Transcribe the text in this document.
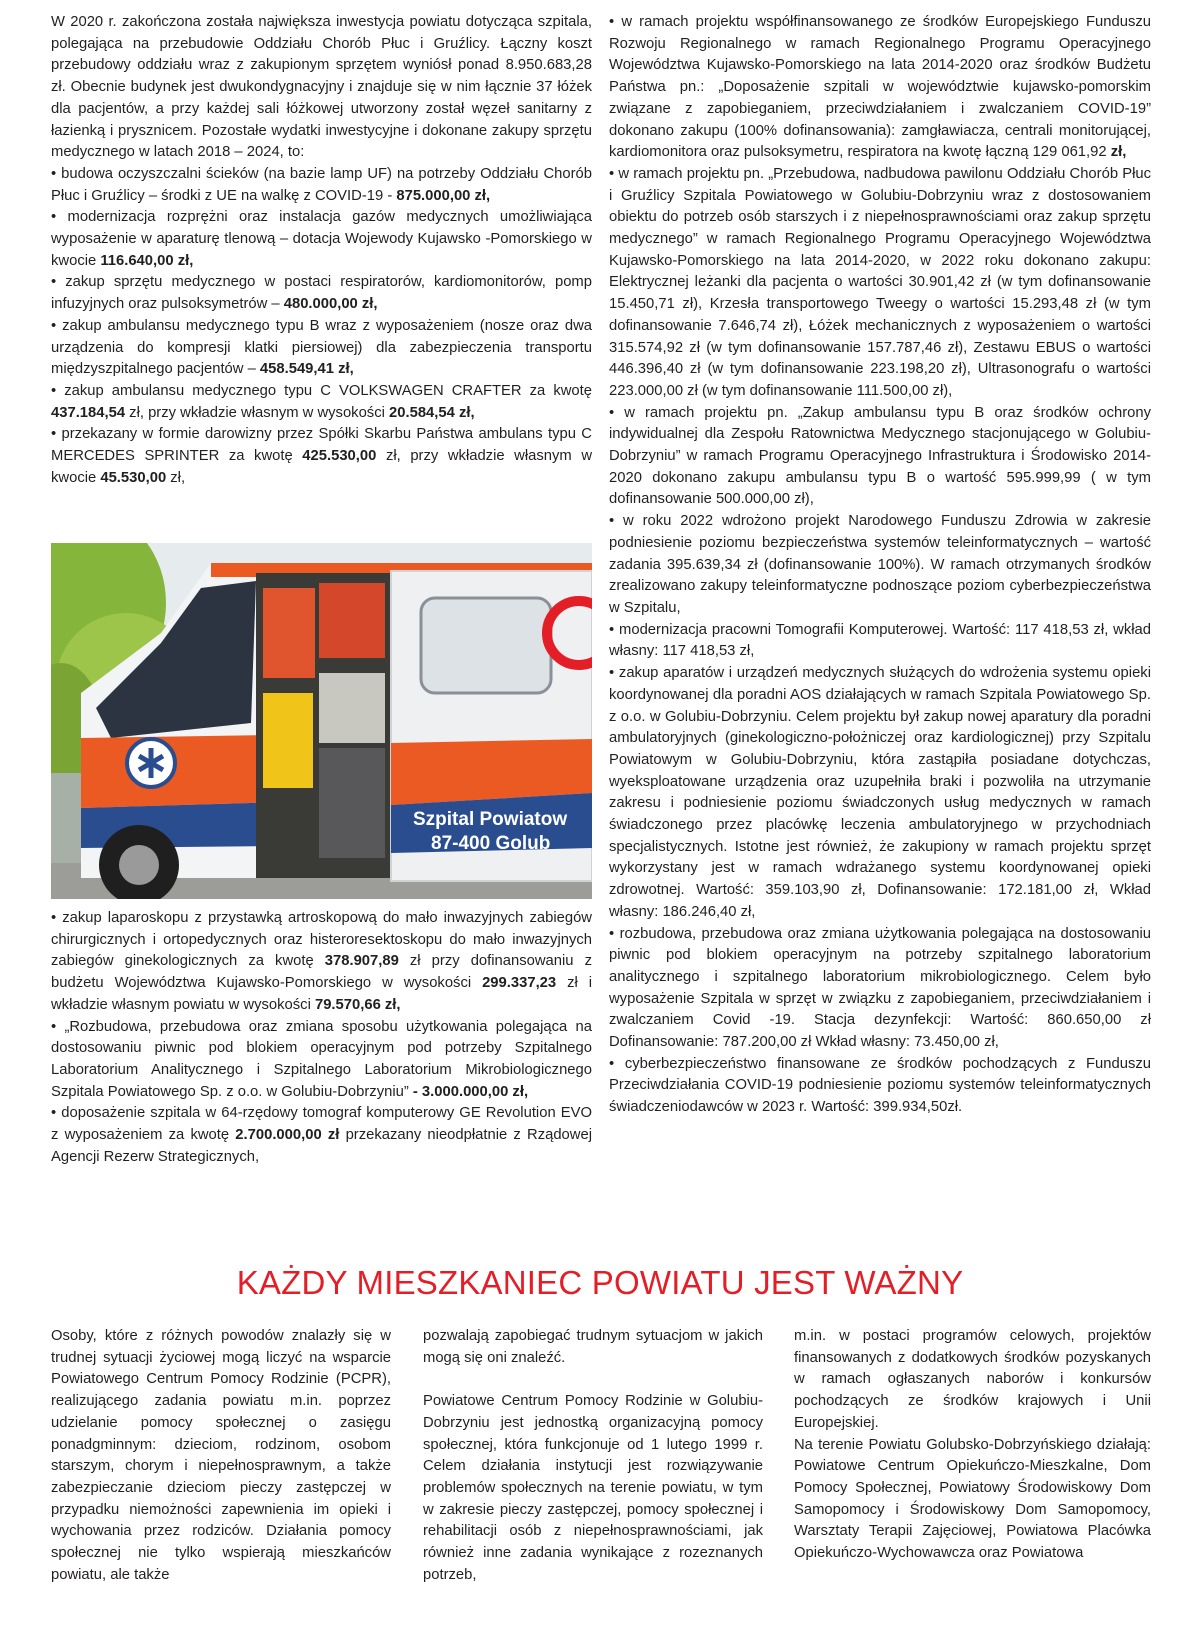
W 2020 r. zakończona została największa inwestycja powiatu dotycząca szpitala, polegająca na przebudowie Oddziału Chorób Płuc i Gruźlicy. Łączny koszt przebudowy oddziału wraz z zakupionym sprzętem wyniósł ponad 8.950.683,28 zł. Obecnie budynek jest dwukondygnacyjny i znajduje się w nim łącznie 37 łóżek dla pacjentów, a przy każdej sali łóżkowej utworzony został węzeł sanitarny z łazienką i prysznicem. Pozostałe wydatki inwestycyjne i dokonane zakupy sprzętu medycznego w latach 2018 – 2024, to:

• budowa oczyszczalni ścieków (na bazie lamp UF) na potrzeby Oddziału Chorób Płuc i Gruźlicy – środki z UE na walkę z COVID-19 - 875.000,00 zł,

• modernizacja rozprężni oraz instalacja gazów medycznych umożliwiająca wyposażenie w aparaturę tlenową – dotacja Wojewody Kujawsko -Pomorskiego w kwocie 116.640,00 zł,

• zakup sprzętu medycznego w postaci respiratorów, kardiomonitorów, pomp infuzyjnych oraz pulsoksymetrów – 480.000,00 zł,

• zakup ambulansu medycznego typu B wraz z wyposażeniem (nosze oraz dwa urządzenia do kompresji klatki piersiowej) dla zabezpieczenia transportu międzyszpitalnego pacjentów – 458.549,41 zł,

• zakup ambulansu medycznego typu C VOLKSWAGEN CRAFTER za kwotę 437.184,54 zł, przy wkładzie własnym w wysokości 20.584,54 zł,

• przekazany w formie darowizny przez Spółki Skarbu Państwa ambulans typu C MERCEDES SPRINTER za kwotę 425.530,00 zł, przy wkładzie własnym w kwocie 45.530,00 zł,

Szpital Powiatow
87-400 Golub

• zakup laparoskopu z przystawką artroskopową do mało inwazyjnych zabiegów chirurgicznych i ortopedycznych oraz histeroresektoskopu do mało inwazyjnych zabiegów ginekologicznych za kwotę 378.907,89 zł przy dofinansowaniu z budżetu Województwa Kujawsko-Pomorskiego w wysokości 299.337,23 zł i wkładzie własnym powiatu w wysokości 79.570,66 zł,

• „Rozbudowa, przebudowa oraz zmiana sposobu użytkowania polegająca na dostosowaniu piwnic pod blokiem operacyjnym pod potrzeby Szpitalnego Laboratorium Analitycznego i Szpitalnego Laboratorium Mikrobiologicznego Szpitala Powiatowego Sp. z o.o. w Golubiu-Dobrzyniu” - 3.000.000,00 zł,

• doposażenie szpitala w 64-rzędowy tomograf komputerowy GE Revolution EVO z wyposażeniem za kwotę 2.700.000,00 zł przekazany nieodpłatnie z Rządowej Agencji Rezerw Strategicznych,

• w ramach projektu współfinansowanego ze środków Europejskiego Funduszu Rozwoju Regionalnego w ramach Regionalnego Programu Operacyjnego Województwa Kujawsko-Pomorskiego na lata 2014-2020 oraz środków Budżetu Państwa pn.: „Doposażenie szpitali w województwie kujawsko-pomorskim związane z zapobieganiem, przeciwdziałaniem i zwalczaniem COVID-19” dokonano zakupu (100% dofinansowania): zamgławiacza, centrali monitorującej, kardiomonitora oraz pulsoksymetru, respiratora na kwotę łączną 129 061,92 zł,

• w ramach projektu pn. „Przebudowa, nadbudowa pawilonu Oddziału Chorób Płuc i Gruźlicy Szpitala Powiatowego w Golubiu-Dobrzyniu wraz z dostosowaniem obiektu do potrzeb osób starszych i z niepełnosprawnościami oraz zakup sprzętu medycznego” w ramach Regionalnego Programu Operacyjnego Województwa Kujawsko-Pomorskiego na lata 2014-2020, w 2022 roku dokonano zakupu: Elektrycznej leżanki dla pacjenta o wartości 30.901,42 zł (w tym dofinansowanie 15.450,71 zł), Krzesła transportowego Tweegy o wartości 15.293,48 zł (w tym dofinansowanie 7.646,74 zł), Łóżek mechanicznych z wyposażeniem o wartości 315.574,92 zł (w tym dofinansowanie 157.787,46 zł), Zestawu EBUS o wartości 446.396,40 zł (w tym dofinansowanie 223.198,20 zł), Ultrasonografu o wartości 223.000,00 zł (w tym dofinansowanie 111.500,00 zł),

• w ramach projektu pn. „Zakup ambulansu typu B oraz środków ochrony indywidualnej dla Zespołu Ratownictwa Medycznego stacjonującego w Golubiu-Dobrzyniu” w ramach Programu Operacyjnego Infrastruktura i Środowisko 2014-2020 dokonano zakupu ambulansu typu B o wartość 595.999,99 ( w tym dofinansowanie 500.000,00 zł),

• w roku 2022 wdrożono projekt Narodowego Funduszu Zdrowia w zakresie podniesienie poziomu bezpieczeństwa systemów teleinformatycznych – wartość zadania 395.639,34 zł (dofinansowanie 100%). W ramach otrzymanych środków zrealizowano zakupy teleinformatyczne podnoszące poziom cyberbezpieczeństwa w Szpitalu,

• modernizacja pracowni Tomografii Komputerowej. Wartość: 117 418,53 zł, wkład własny: 117 418,53 zł,

• zakup aparatów i urządzeń medycznych służących do wdrożenia systemu opieki koordynowanej dla poradni AOS działających w ramach Szpitala Powiatowego Sp. z o.o. w Golubiu-Dobrzyniu. Celem projektu był zakup nowej aparatury dla poradni ambulatoryjnych (ginekologiczno-położniczej oraz kardiologicznej) przy Szpitalu Powiatowym w Golubiu-Dobrzyniu, która zastąpiła posiadane dotychczas, wyeksploatowane urządzenia oraz uzupełniła braki i pozwoliła na utrzymanie zakresu i podniesienie poziomu świadczonych usług medycznych w ramach świadczonego przez placówkę leczenia ambulatoryjnego w przychodniach specjalistycznych. Istotne jest również, że zakupiony w ramach projektu sprzęt wykorzystany jest w ramach wdrażanego systemu koordynowanej opieki zdrowotnej. Wartość: 359.103,90 zł, Dofinansowanie: 172.181,00 zł, Wkład własny: 186.246,40 zł,

• rozbudowa, przebudowa oraz zmiana użytkowania polegająca na dostosowaniu piwnic pod blokiem operacyjnym na potrzeby szpitalnego laboratorium analitycznego i szpitalnego laboratorium mikrobiologicznego. Celem było wyposażenie Szpitala w sprzęt w związku z zapobieganiem, przeciwdziałaniem i zwalczaniem Covid -19. Stacja dezynfekcji: Wartość: 860.650,00 zł Dofinansowanie: 787.200,00 zł Wkład własny: 73.450,00 zł,

• cyberbezpieczeństwo finansowane ze środków pochodzących z Funduszu Przeciwdziałania COVID-19 podniesienie poziomu systemów teleinformatycznych świadczeniodawców w 2023 r. Wartość: 399.934,50zł.

KAŻDY MIESZKANIEC POWIATU JEST WAŻNY

Osoby, które z różnych powodów znalazły się w trudnej sytuacji życiowej mogą liczyć na wsparcie Powiatowego Centrum Pomocy Rodzinie (PCPR), realizującego zadania powiatu m.in. poprzez udzielanie pomocy społecznej o zasięgu ponadgminnym: dzieciom, rodzinom, osobom starszym, chorym i niepełnosprawnym, a także zabezpieczanie dzieciom pieczy zastępczej w przypadku niemożności zapewnienia im opieki i wychowania przez rodziców. Działania pomocy społecznej nie tylko wspierają mieszkańców powiatu, ale także

pozwalają zapobiegać trudnym sytuacjom w jakich mogą się oni znaleźć.

Powiatowe Centrum Pomocy Rodzinie w Golubiu-Dobrzyniu jest jednostką organizacyjną pomocy społecznej, która funkcjonuje od 1 lutego 1999 r. Celem działania instytucji jest rozwiązywanie problemów społecznych na terenie powiatu, w tym w zakresie pieczy zastępczej, pomocy społecznej i rehabilitacji osób z niepełnosprawnościami, jak również inne zadania wynikające z rozeznanych potrzeb,

m.in. w postaci programów celowych, projektów finansowanych z dodatkowych środków pozyskanych w ramach ogłaszanych naborów i konkursów pochodzących ze środków krajowych i Unii Europejskiej.

Na terenie Powiatu Golubsko-Dobrzyńskiego działają: Powiatowe Centrum Opiekuńczo-Mieszkalne, Dom Pomocy Społecznej, Powiatowy Środowiskowy Dom Samopomocy i Środowiskowy Dom Samopomocy, Warsztaty Terapii Zajęciowej, Powiatowa Placówka Opiekuńczo-Wychowawcza oraz Powiatowa
